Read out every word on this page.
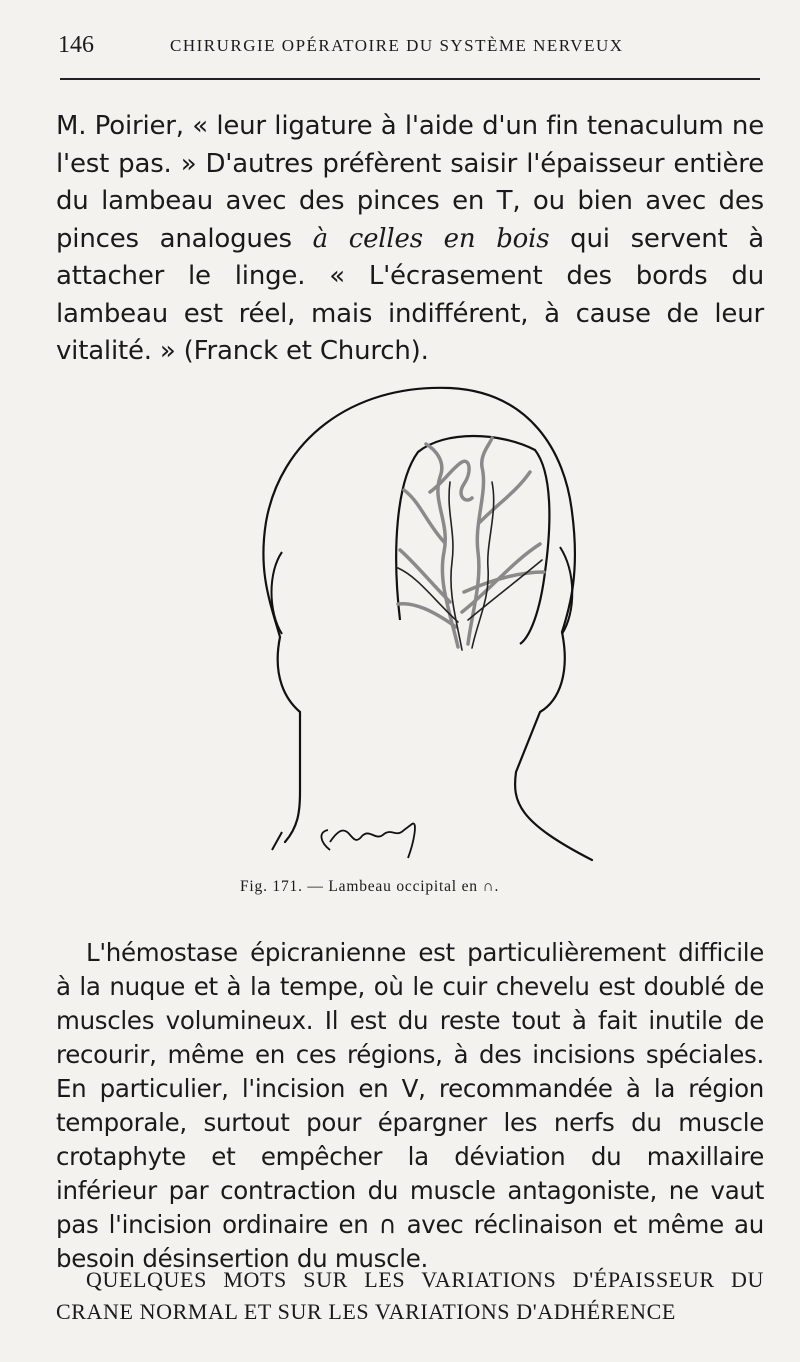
146	CHIRURGIE OPÉRATOIRE DU SYSTÈME NERVEUX

M. Poirier, « leur ligature à l'aide d'un fin tenaculum ne l'est pas. » D'autres préfèrent saisir l'épaisseur entière du lambeau avec des pinces en T, ou bien avec des pinces analogues à celles en bois qui servent à attacher le linge. « L'écrasement des bords du lambeau est réel, mais indifférent, à cause de leur vitalité. » (Franck et Church).

Fig. 171. — Lambeau occipital en ∩.

L'hémostase épicranienne est particulièrement difficile à la nuque et à la tempe, où le cuir chevelu est doublé de muscles volumineux. Il est du reste tout à fait inutile de recourir, même en ces régions, à des incisions spéciales. En particulier, l'incision en V, recommandée à la région temporale, surtout pour épargner les nerfs du muscle crotaphyte et empêcher la déviation du maxillaire inférieur par contraction du muscle antagoniste, ne vaut pas l'incision ordinaire en ∩ avec réclinaison et même au besoin désinsertion du muscle.

QUELQUES MOTS SUR LES VARIATIONS D'ÉPAISSEUR DU CRANE NORMAL ET SUR LES VARIATIONS D'ADHÉRENCE
